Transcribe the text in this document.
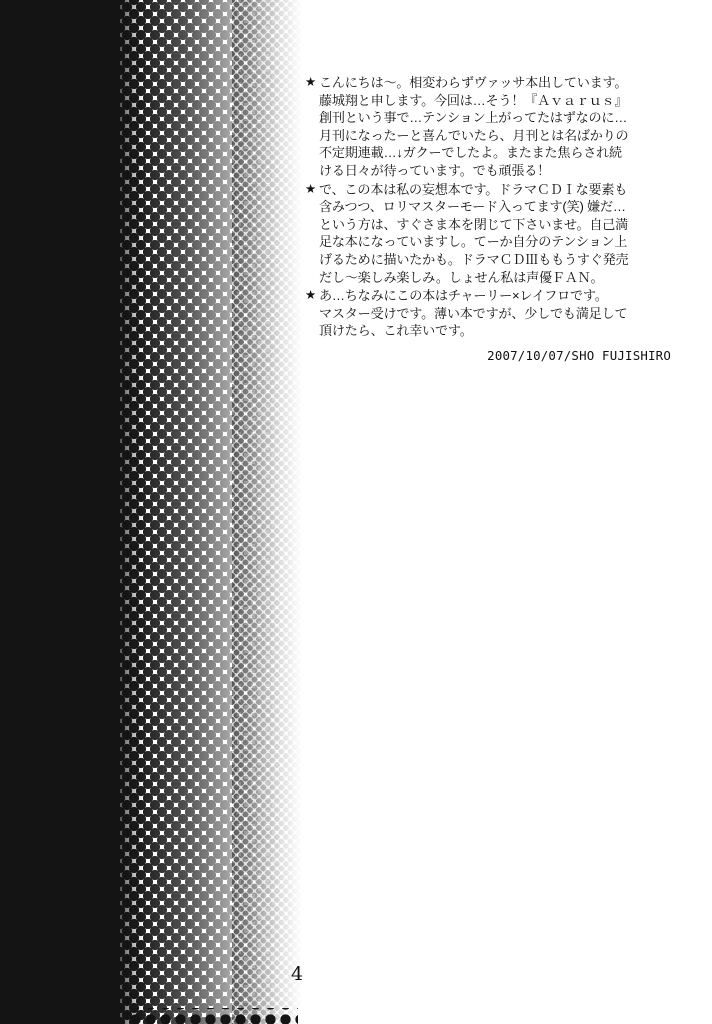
★ こんにちは〜。相変わらずヴァッサ本出しています。

藤城翔と申します。今回は…そう！『Ａｖａｒｕｓ』

創刊という事で…テンション上がってたはずなのに…

月刊になったーと喜んでいたら、月刊とは名ばかりの

不定期連載…↓ガクーでしたよ。またまた焦らされ続

ける日々が待っています。でも頑張る！

★ で、この本は私の妄想本です。ドラマＣＤⅠな要素も

含みつつ、ロリマスターモード入ってます(笑) 嫌だ…

という方は、すぐさま本を閉じて下さいませ。自己満

足な本になっていますし。てーか自分のテンション上

げるために描いたかも。ドラマＣＤⅢももうすぐ発売

だし〜楽しみ楽しみ。しょせん私は声優ＦＡＮ。

★ あ…ちなみにこの本はチャーリー×レイフロです。

マスター受けです。薄い本ですが、少しでも満足して

頂けたら、これ幸いです。

2007/10/07/SHO FUJISHIRO
4
